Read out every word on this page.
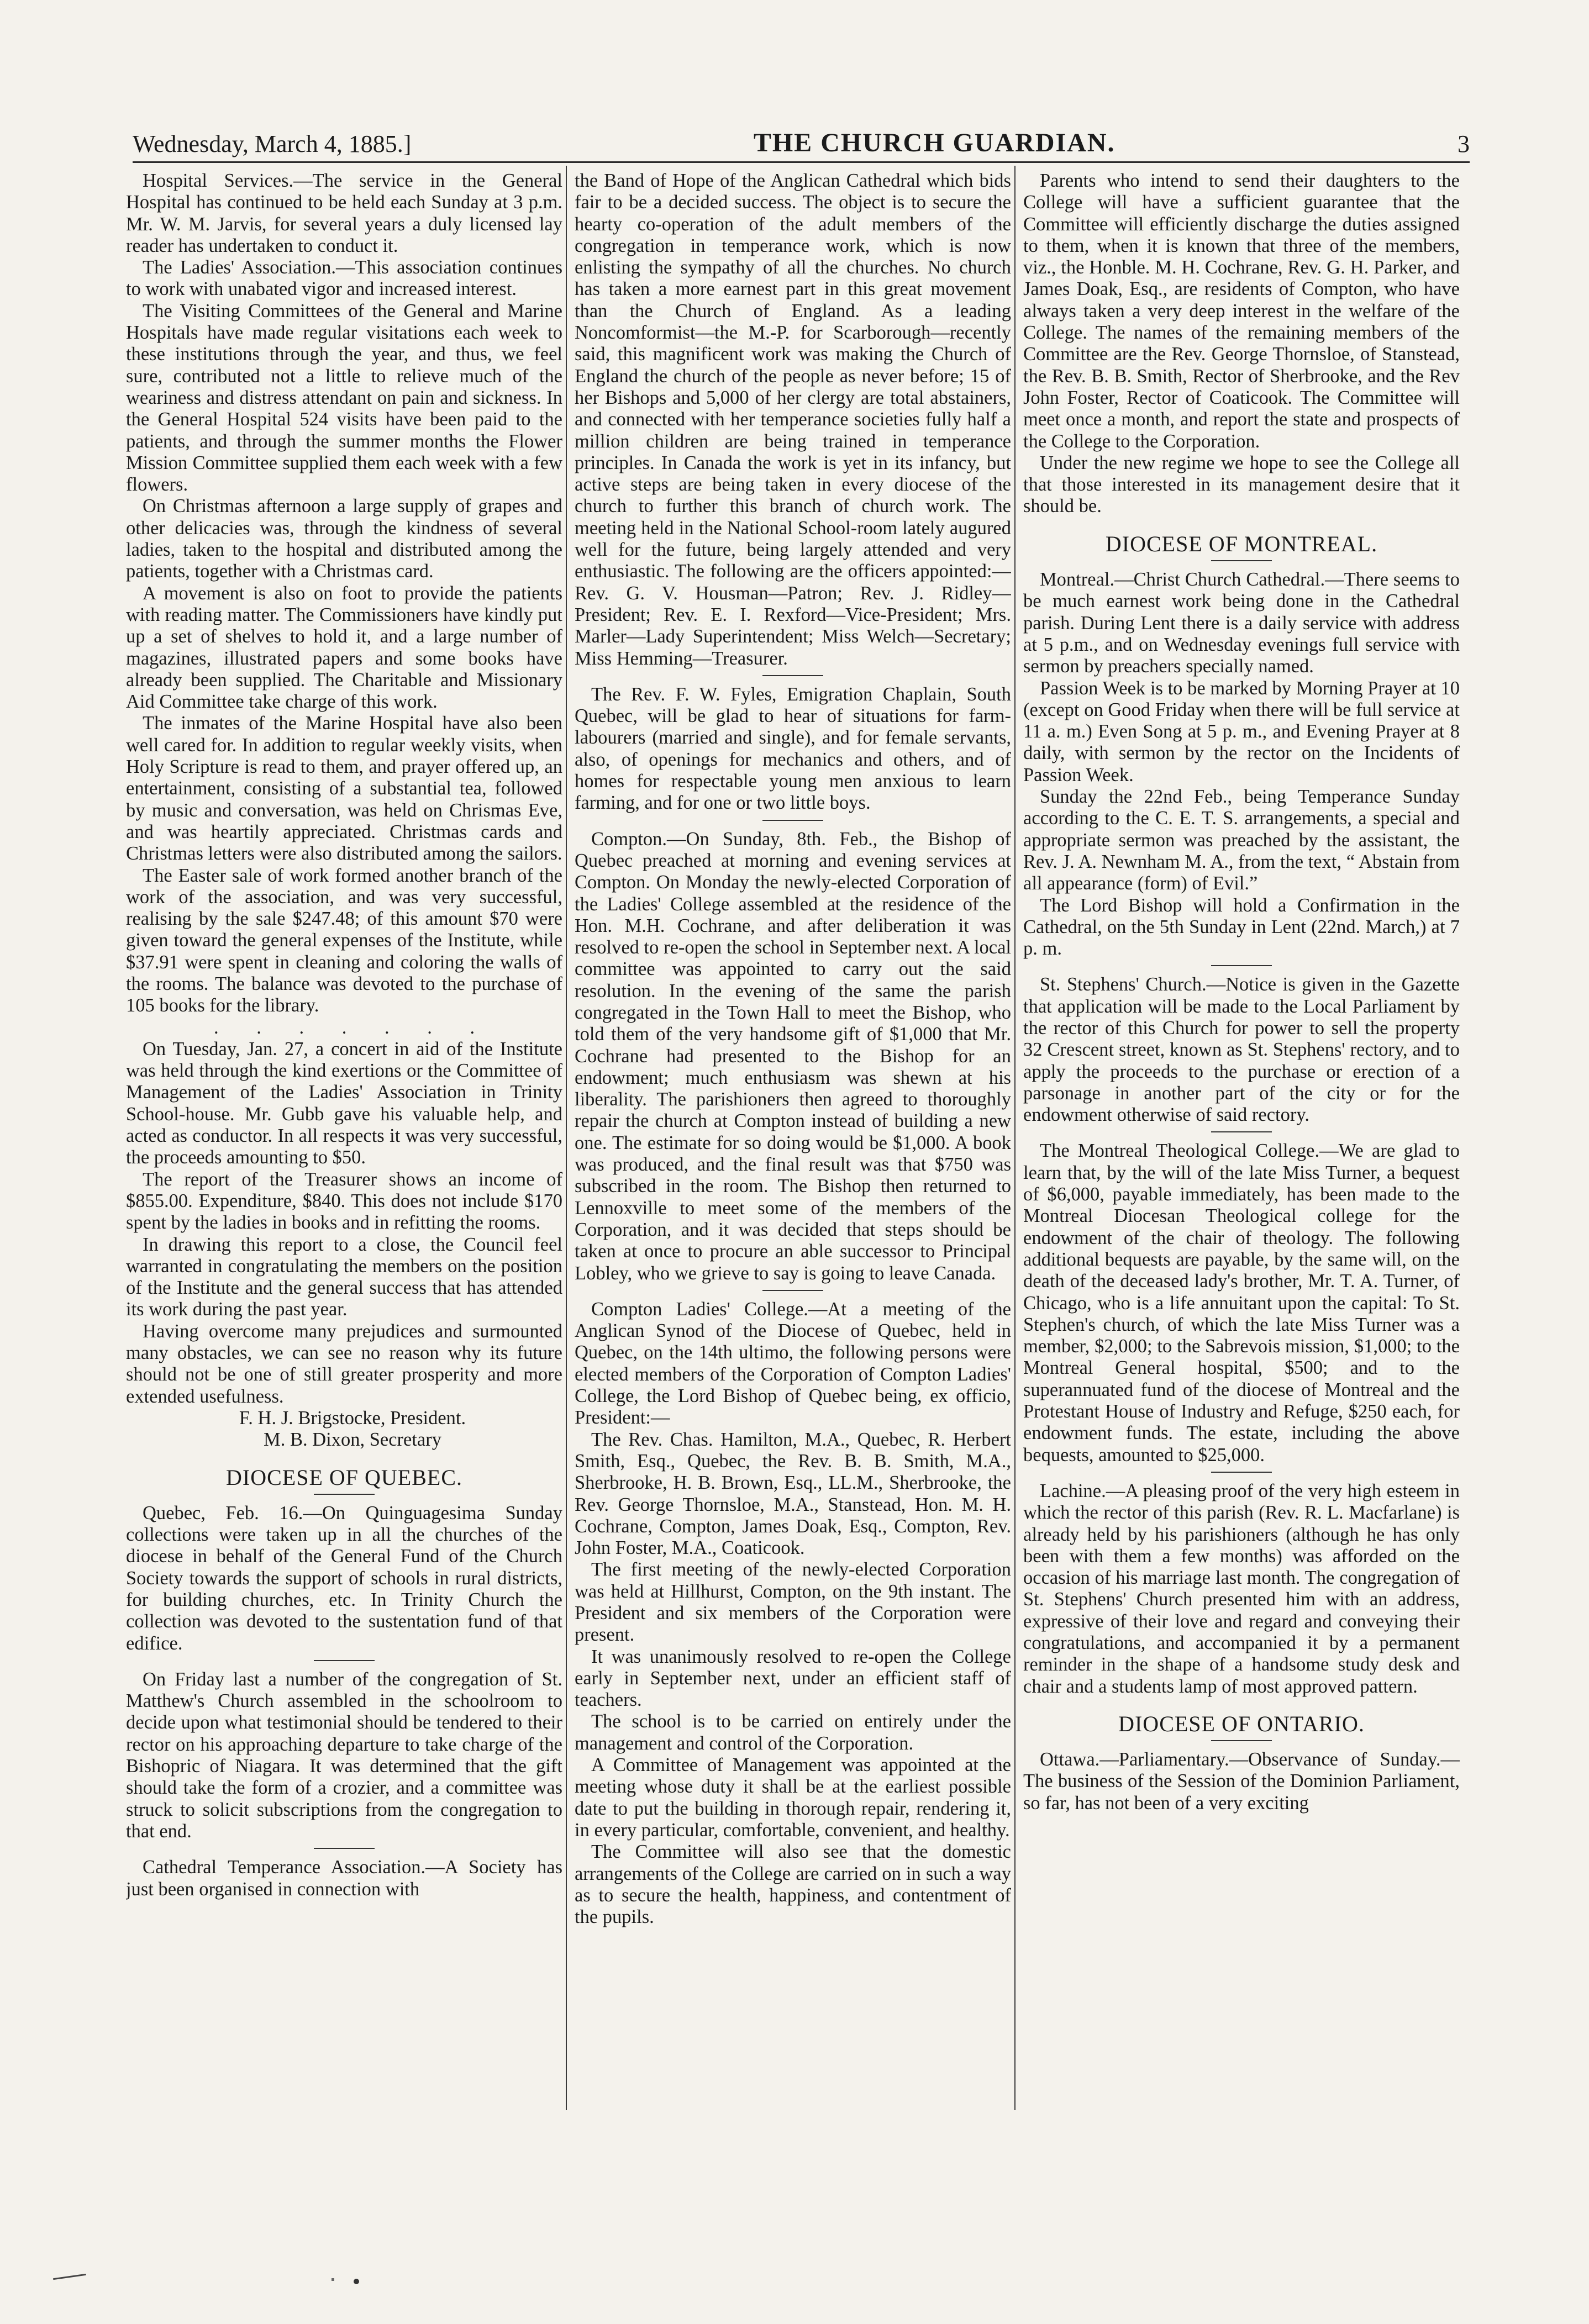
Wednesday, March 4, 1885.]	THE CHURCH GUARDIAN.	3

Hospital Services.—The service in the General Hospital has continued to be held each Sunday at 3 p.m. Mr. W. M. Jarvis, for several years a duly licensed lay reader has undertaken to conduct it.

The Ladies' Association.—This association continues to work with unabated vigor and increased interest.

The Visiting Committees of the General and Marine Hospitals have made regular visitations each week to these institutions through the year, and thus, we feel sure, contributed not a little to relieve much of the weariness and distress attendant on pain and sickness. In the General Hospital 524 visits have been paid to the patients, and through the summer months the Flower Mission Committee supplied them each week with a few flowers.

On Christmas afternoon a large supply of grapes and other delicacies was, through the kindness of several ladies, taken to the hospital and distributed among the patients, together with a Christmas card.

A movement is also on foot to provide the patients with reading matter. The Commissioners have kindly put up a set of shelves to hold it, and a large number of magazines, illustrated papers and some books have already been supplied. The Charitable and Missionary Aid Committee take charge of this work.

The inmates of the Marine Hospital have also been well cared for. In addition to regular weekly visits, when Holy Scripture is read to them, and prayer offered up, an entertainment, consisting of a substantial tea, followed by music and conversation, was held on Chrismas Eve, and was heartily appreciated. Christmas cards and Christmas letters were also distributed among the sailors.

The Easter sale of work formed another branch of the work of the association, and was very successful, realising by the sale $247.48; of this amount $70 were given toward the general expenses of the Institute, while $37.91 were spent in cleaning and coloring the walls of the rooms. The balance was devoted to the purchase of 105 books for the library.

. . . . . . .

On Tuesday, Jan. 27, a concert in aid of the Institute was held through the kind exertions or the Committee of Management of the Ladies' Association in Trinity School-house. Mr. Gubb gave his valuable help, and acted as conductor. In all respects it was very successful, the proceeds amounting to $50.

The report of the Treasurer shows an income of $855.00. Expenditure, $840. This does not include $170 spent by the ladies in books and in refitting the rooms.

In drawing this report to a close, the Council feel warranted in congratulating the members on the position of the Institute and the general success that has attended its work during the past year.

Having overcome many prejudices and surmounted many obstacles, we can see no reason why its future should not be one of still greater prosperity and more extended usefulness.

F. H. J. Brigstocke, President.

M. B. Dixon, Secretary

DIOCESE OF QUEBEC.

Quebec, Feb. 16.—On Quinguagesima Sunday collections were taken up in all the churches of the diocese in behalf of the General Fund of the Church Society towards the support of schools in rural districts, for building churches, etc. In Trinity Church the collection was devoted to the sustentation fund of that edifice.

On Friday last a number of the congregation of St. Matthew's Church assembled in the schoolroom to decide upon what testimonial should be tendered to their rector on his approaching departure to take charge of the Bishopric of Niagara. It was determined that the gift should take the form of a crozier, and a committee was struck to solicit subscriptions from the congregation to that end.

Cathedral Temperance Association.—A Society has just been organised in connection with

the Band of Hope of the Anglican Cathedral which bids fair to be a decided success. The object is to secure the hearty co-operation of the adult members of the congregation in temperance work, which is now enlisting the sympathy of all the churches. No church has taken a more earnest part in this great movement than the Church of England. As a leading Noncomformist—the M.-P. for Scarborough—recently said, this magnificent work was making the Church of England the church of the people as never before; 15 of her Bishops and 5,000 of her clergy are total abstainers, and connected with her temperance societies fully half a million children are being trained in temperance principles. In Canada the work is yet in its infancy, but active steps are being taken in every diocese of the church to further this branch of church work. The meeting held in the National School-room lately augured well for the future, being largely attended and very enthusiastic. The following are the officers appointed:—Rev. G. V. Housman—Patron; Rev. J. Ridley—President; Rev. E. I. Rexford—Vice-President; Mrs. Marler—Lady Superintendent; Miss Welch—Secretary; Miss Hemming—Treasurer.

The Rev. F. W. Fyles, Emigration Chaplain, South Quebec, will be glad to hear of situations for farm-labourers (married and single), and for female servants, also, of openings for mechanics and others, and of homes for respectable young men anxious to learn farming, and for one or two little boys.

Compton.—On Sunday, 8th. Feb., the Bishop of Quebec preached at morning and evening services at Compton. On Monday the newly-elected Corporation of the Ladies' College assembled at the residence of the Hon. M.H. Cochrane, and after deliberation it was resolved to re-open the school in September next. A local committee was appointed to carry out the said resolution. In the evening of the same the parish congregated in the Town Hall to meet the Bishop, who told them of the very handsome gift of $1,000 that Mr. Cochrane had presented to the Bishop for an endowment; much enthusiasm was shewn at his liberality. The parishioners then agreed to thoroughly repair the church at Compton instead of building a new one. The estimate for so doing would be $1,000. A book was produced, and the final result was that $750 was subscribed in the room. The Bishop then returned to Lennoxville to meet some of the members of the Corporation, and it was decided that steps should be taken at once to procure an able successor to Principal Lobley, who we grieve to say is going to leave Canada.

Compton Ladies' College.—At a meeting of the Anglican Synod of the Diocese of Quebec, held in Quebec, on the 14th ultimo, the following persons were elected members of the Corporation of Compton Ladies' College, the Lord Bishop of Quebec being, ex officio, President:—

The Rev. Chas. Hamilton, M.A., Quebec, R. Herbert Smith, Esq., Quebec, the Rev. B. B. Smith, M.A., Sherbrooke, H. B. Brown, Esq., LL.M., Sherbrooke, the Rev. George Thornsloe, M.A., Stanstead, Hon. M. H. Cochrane, Compton, James Doak, Esq., Compton, Rev. John Foster, M.A., Coaticook.

The first meeting of the newly-elected Corporation was held at Hillhurst, Compton, on the 9th instant. The President and six members of the Corporation were present.

It was unanimously resolved to re-open the College early in September next, under an efficient staff of teachers.

The school is to be carried on entirely under the management and control of the Corporation.

A Committee of Management was appointed at the meeting whose duty it shall be at the earliest possible date to put the building in thorough repair, rendering it, in every particular, comfortable, convenient, and healthy.

The Committee will also see that the domestic arrangements of the College are carried on in such a way as to secure the health, happiness, and contentment of the pupils.

Parents who intend to send their daughters to the College will have a sufficient guarantee that the Committee will efficiently discharge the duties assigned to them, when it is known that three of the members, viz., the Honble. M. H. Cochrane, Rev. G. H. Parker, and James Doak, Esq., are residents of Compton, who have always taken a very deep interest in the welfare of the College. The names of the remaining members of the Committee are the Rev. George Thornsloe, of Stanstead, the Rev. B. B. Smith, Rector of Sherbrooke, and the Rev John Foster, Rector of Coaticook. The Committee will meet once a month, and report the state and prospects of the College to the Corporation.

Under the new regime we hope to see the College all that those interested in its management desire that it should be.

DIOCESE OF MONTREAL.

Montreal.—Christ Church Cathedral.—There seems to be much earnest work being done in the Cathedral parish. During Lent there is a daily service with address at 5 p.m., and on Wednesday evenings full service with sermon by preachers specially named.

Passion Week is to be marked by Morning Prayer at 10 (except on Good Friday when there will be full service at 11 a. m.) Even Song at 5 p. m., and Evening Prayer at 8 daily, with sermon by the rector on the Incidents of Passion Week.

Sunday the 22nd Feb., being Temperance Sunday according to the C. E. T. S. arrangements, a special and appropriate sermon was preached by the assistant, the Rev. J. A. Newnham M. A., from the text, “ Abstain from all appearance (form) of Evil.”

The Lord Bishop will hold a Confirmation in the Cathedral, on the 5th Sunday in Lent (22nd. March,) at 7 p. m.

St. Stephens' Church.—Notice is given in the Gazette that application will be made to the Local Parliament by the rector of this Church for power to sell the property 32 Crescent street, known as St. Stephens' rectory, and to apply the proceeds to the purchase or erection of a parsonage in another part of the city or for the endowment otherwise of said rectory.

The Montreal Theological College.—We are glad to learn that, by the will of the late Miss Turner, a bequest of $6,000, payable immediately, has been made to the Montreal Diocesan Theological college for the endowment of the chair of theology. The following additional bequests are payable, by the same will, on the death of the deceased lady's brother, Mr. T. A. Turner, of Chicago, who is a life annuitant upon the capital: To St. Stephen's church, of which the late Miss Turner was a member, $2,000; to the Sabrevois mission, $1,000; to the Montreal General hospital, $500; and to the superannuated fund of the diocese of Montreal and the Protestant House of Industry and Refuge, $250 each, for endowment funds. The estate, including the above bequests, amounted to $25,000.

Lachine.—A pleasing proof of the very high esteem in which the rector of this parish (Rev. R. L. Macfarlane) is already held by his parishioners (although he has only been with them a few months) was afforded on the occasion of his marriage last month. The congregation of St. Stephens' Church presented him with an address, expressive of their love and regard and conveying their congratulations, and accompanied it by a permanent reminder in the shape of a handsome study desk and chair and a students lamp of most approved pattern.

DIOCESE OF ONTARIO.

Ottawa.—Parliamentary.—Observance of Sunday.—The business of the Session of the Dominion Parliament, so far, has not been of a very exciting
